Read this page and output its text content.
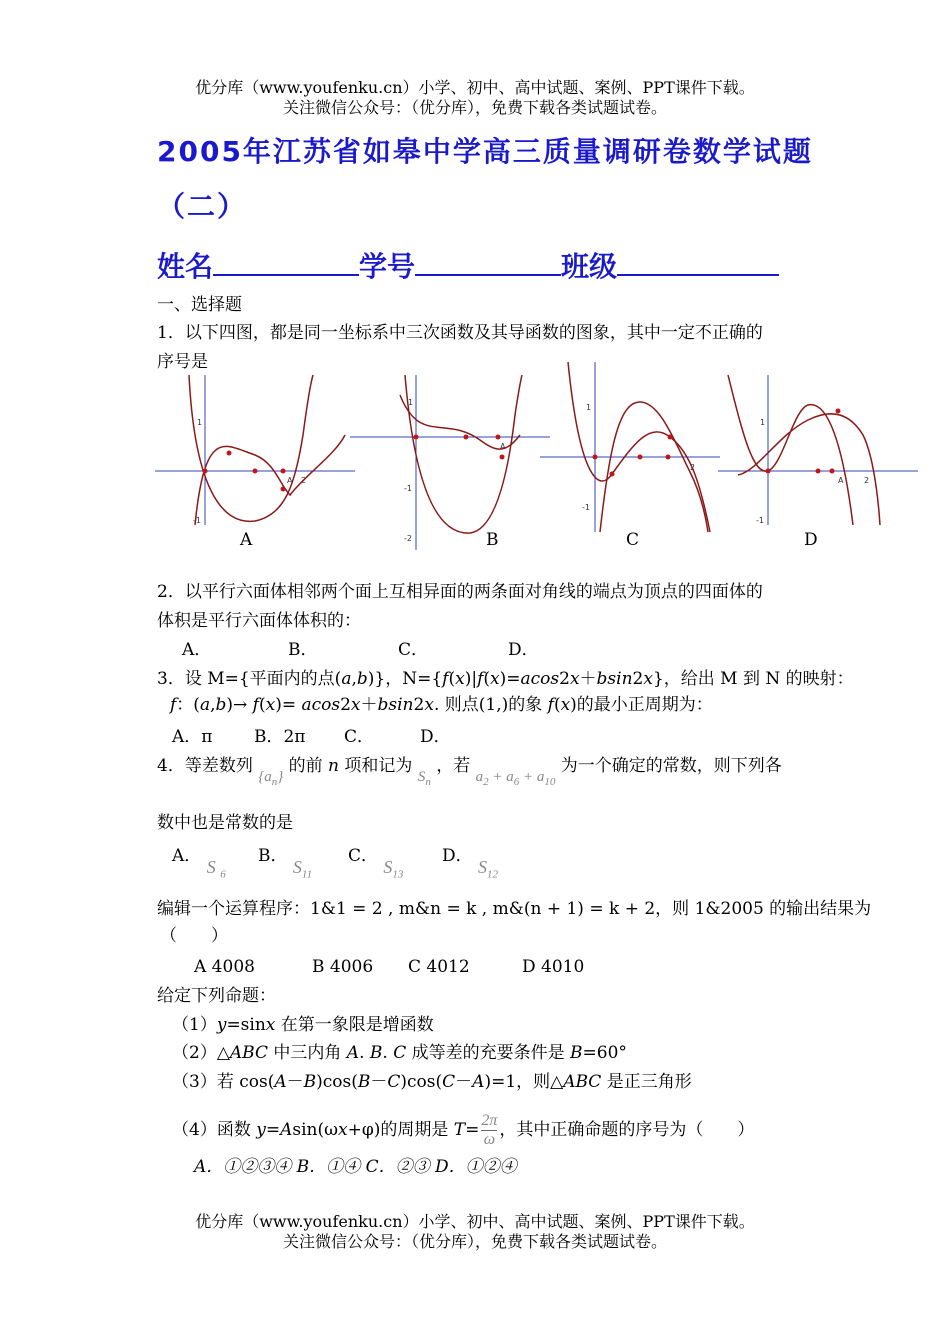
优分库（www.youfenku.cn）小学、初中、高中试题、案例、PPT课件下载。
关注微信公众号：（优分库），免费下载各类试题试卷。
2005年江苏省如皋中学高三质量调研卷数学试题
（二）
姓名	学号	班级
一、选择题
1．以下四图，都是同一坐标系中三次函数及其导函数的图象，其中一定不正确的
序号是
1
-1
2
A
A
1
-1
-2
A
B
1
-1
2
C
1
-1
2
A
D
2．以平行六面体相邻两个面上互相异面的两条面对角线的端点为顶点的四面体的
体积是平行六面体体积的：
A．	B．	C．	D．
3．设 M={平面内的点(a,b)}，N={f(x)|f(x)=acos2x＋bsin2x}，给出 M 到 N 的映射：
f：(a,b)→ f(x)= acos2x＋bsin2x. 则点(1,)的象 f(x)的最小正周期为：
A．π B．2π C．	D．
4．等差数列 $\{a_n\}$ 的前 n 项和记为 $S_n$ ，若 $a_2 + a_6 + a_{10}$ 为一个确定的常数，则下列各
数中也是常数的是
A． S $_6$
B． $S_{11}$
C． $S_{13}$
D． $S_{12}$
编辑一个运算程序：1&1 = 2 , m&n = k , m&(n + 1) = k + 2，则 1&2005 的输出结果为
（　　）
A 4008	B 4006 C 4012	D 4010
给定下列命题：
（1）y=sinx 在第一象限是增函数
（2）△ABC 中三内角 A. B. C 成等差的充要条件是 B=60°
（3）若 cos(A－B)cos(B－C)cos(C－A)=1，则△ABC 是正三角形
（4）函数 y=Asin(ωx+φ)的周期是 $T= \frac{2\pi}{\omega}$ ，其中正确命题的序号为（　　）
A．①②③④ B．①④ C．②③ D．①②④
优分库（www.youfenku.cn）小学、初中、高中试题、案例、PPT课件下载。
关注微信公众号：（优分库），免费下载各类试题试卷。
